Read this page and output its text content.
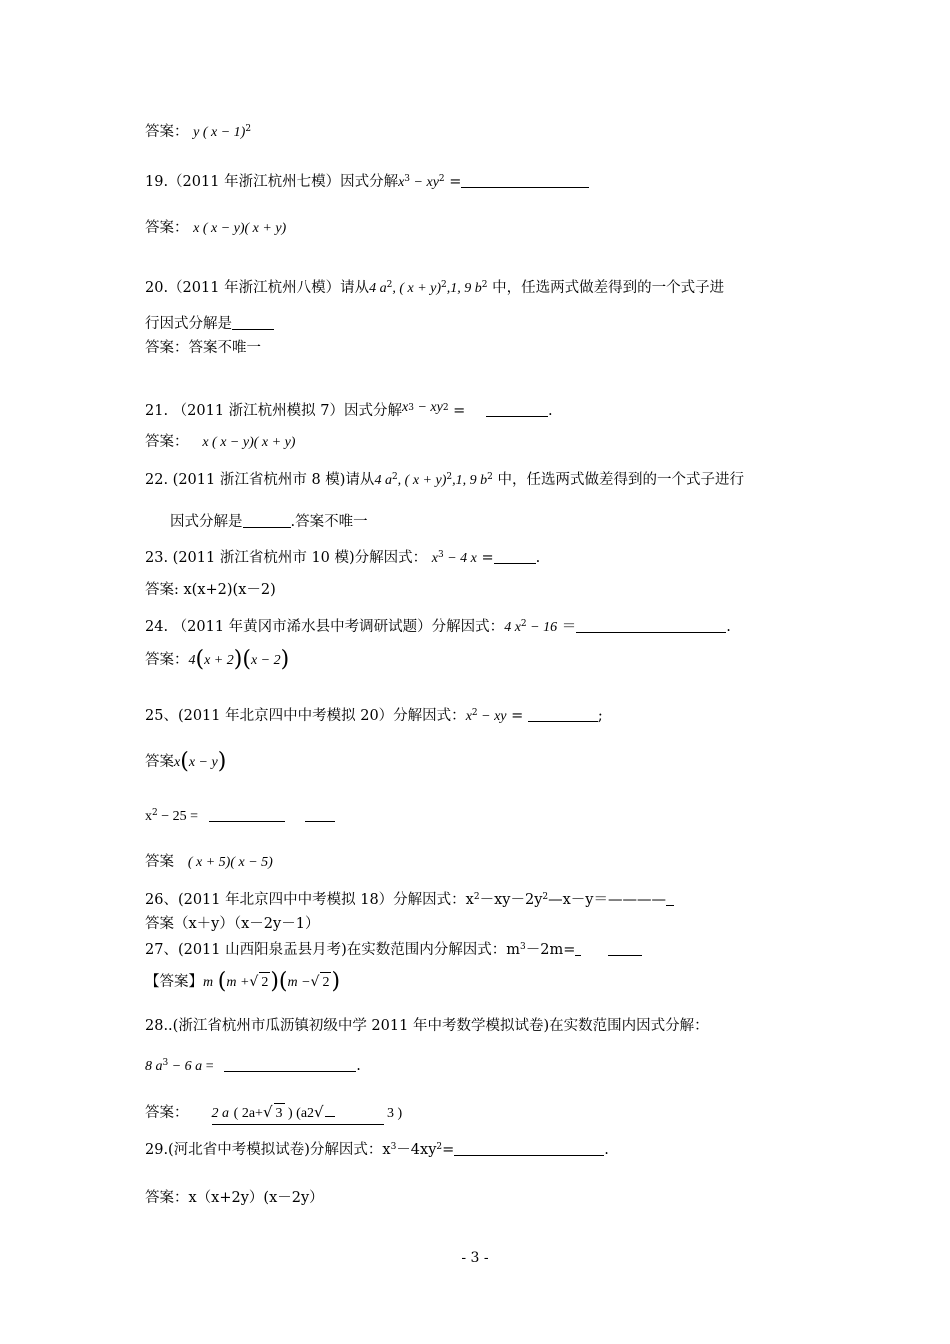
答案： y ( x − 1)$^2$
19.（2011 年浙江杭州七模）因式分解$x^3 - xy^2$ =
答案： x ( x − y)( x + y)
20.（2011 年浙江杭州八模）请从4 $a^2$, ( x + y)$^2$,1, 9 $b^2$ 中，任选两式做差得到的一个式子进
行因式分解是
答案：答案不唯一
21. （2011 浙江杭州模拟 7）因式分解$x^3 - xy^2$ =	.
答案： x ( x − y)( x + y)
22. (2011 浙江省杭州市 8 模)请从4 $a^2$, ( x + y)$^2$,1, 9 $b^2$ 中，任选两式做差得到的一个式子进行
因式分解是	.答案不唯一
23. (2011 浙江省杭州市 10 模)分解因式： $x^3 - 4$ x =	.
答案: x(x+2)(x－2)
24. （2011 年黄冈市浠水县中考调研试题）分解因式：4 $x^2 - 16$ ＝	.
答案：4(x + 2)(x − 2)
25、(2011 年北京四中中考模拟 20）分解因式：$x^2$ − xy =	;
答案x(x − y)
$x^2 - 25$ =
答案 ( x + 5)( x − 5)
26、(2011 年北京四中中考模拟 18）分解因式：$x^2-xy-2y^2—x-y=————$
答案（x＋y）（x－2y－1）
27、(2011 山西阳泉盂县月考)在实数范围内分解因式：$m^3-2m=$
【答案】m (m +√ 2)(m −√ 2)
28..(浙江省杭州市瓜沥镇初级中学 2011 年中考数学模拟试卷)在实数范围内因式分解：
8 $a^3 - 6$ a =	.
答案： 2 a ( 2a+√ 3 ) (a2√	3 )
29.(河北省中考模拟试卷)分解因式：$x^3-4xy^2=$	.
答案：x（x+2y）(x－2y）
- 3 -
